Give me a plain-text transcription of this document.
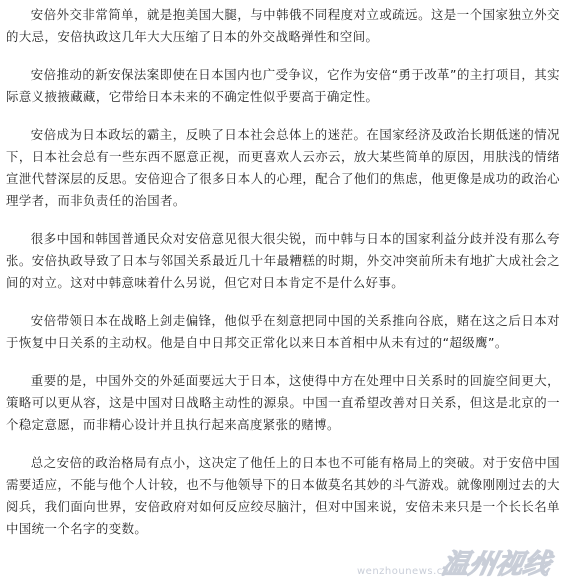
安倍外交非常简单，就是抱美国大腿，与中韩俄不同程度对立或疏远。这是一个国家独立外交的大忌，安倍执政这几年大大压缩了日本的外交战略弹性和空间。

安倍推动的新安保法案即使在日本国内也广受争议，它作为安倍“勇于改革”的主打项目，其实际意义掖掖藏藏，它带给日本未来的不确定性似乎要高于确定性。

安倍成为日本政坛的霸主，反映了日本社会总体上的迷茫。在国家经济及政治长期低迷的情况下，日本社会总有一些东西不愿意正视，而更喜欢人云亦云，放大某些简单的原因，用肤浅的情绪宣泄代替深层的反思。安倍迎合了很多日本人的心理，配合了他们的焦虑，他更像是成功的政治心理学者，而非负责任的治国者。

很多中国和韩国普通民众对安倍意见很大很尖锐，而中韩与日本的国家利益分歧并没有那么夸张。安倍执政导致了日本与邻国关系最近几十年最糟糕的时期，外交冲突前所未有地扩大成社会之间的对立。这对中韩意味着什么另说，但它对日本肯定不是什么好事。

安倍带领日本在战略上剑走偏锋，他似乎在刻意把同中国的关系推向谷底，赌在这之后日本对于恢复中日关系的主动权。他是自中日邦交正常化以来日本首相中从未有过的“超级鹰”。

重要的是，中国外交的外延面要远大于日本，这使得中方在处理中日关系时的回旋空间更大，策略可以更从容，这是中国对日战略主动性的源泉。中国一直希望改善对日关系，但这是北京的一个稳定意愿，而非精心设计并且执行起来高度紧张的赌博。

总之安倍的政治格局有点小，这决定了他任上的日本也不可能有格局上的突破。对于安倍中国需要适应，不能与他个人计较，也不与他领导下的日本做莫名其妙的斗气游戏。就像刚刚过去的大阅兵，我们面向世界，安倍政府对如何反应绞尽脑汁，但对中国来说，安倍未来只是一个长长名单中国统一个名字的变数。

wenzhounews.com
温州视线
